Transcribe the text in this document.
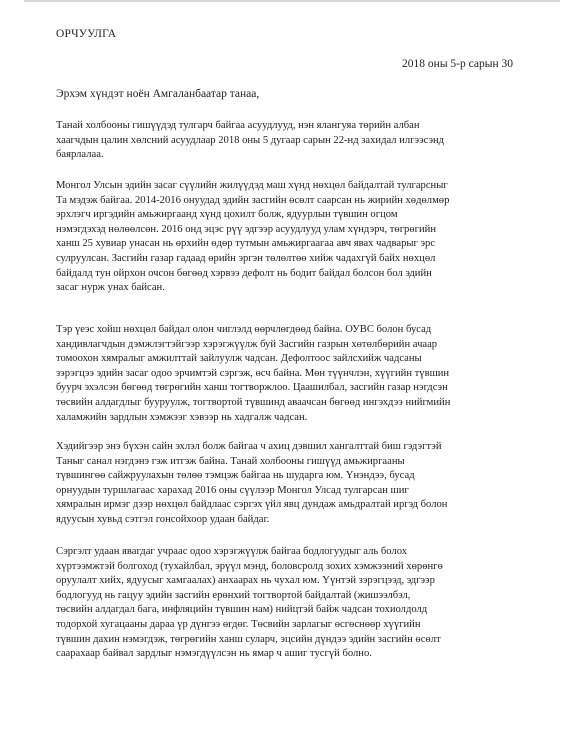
ОРЧУУЛГА
2018 оны 5-р сарын 30
Эрхэм хүндэт ноён Амгаланбаатар танаа,
Танай холбооны гишүүдэд тулгарч байгаа асуудлууд, нэн ялангуяа төрийн албан
хаагчдын цалин хөлсний асуудлаар 2018 оны 5 дугаар сарын 22-нд захидал илгээсэнд
баярлалаа.
Монгол Улсын эдийн засаг сүүлийн жилүүдэд маш хүнд нөхцөл байдалтай тулгарсныг
Та мэдэж байгаа. 2014-2016 онуудад эдийн засгийн өсөлт саарсан нь жирийн хөдөлмөр
эрхлэгч иргэдийн амьжиргаанд хүнд цохилт болж, ядуурлын түвшин огцом
нэмэгдэхэд нөлөөлсөн. 2016 онд эцэс рүү эдгээр асуудлууд улам хүндэрч, төгрөгийн
ханш 25 хувиар унасан нь өрхийн өдөр тутмын амьжиргаагаа авч явах чадварыг эрс
сулруулсан. Засгийн газар гадаад өрийн эргэн төлөлтөө хийж чадахгүй байх нөхцөл
байдалд тун ойрхон очсон бөгөөд хэрвээ дефолт нь бодит байдал болсон бол эдийн
засаг нурж унах байсан.
Тэр үеэс хойш нөхцөл байдал олон чиглэлд өөрчлөгдөөд байна. ОУВС болон бусад
хандивлагчдын дэмжлэгтэйгээр хэрэгжүүлж буй Засгийн газрын хөтөлбөрийн ачаар
томоохон хямралыг амжилттай зайлуулж чадсан. Дефолтоос зайлсхийж чадсаны
зэрэгцээ эдийн засаг одоо эрчимтэй сэргэж, өсч байна. Мөн түүнчлэн, хүүгийн түвшин
буурч эхэлсэн бөгөөд төгрөгийн ханш тогтворжлоо. Цаашилбал, засгийн газар нэгдсэн
төсвийн алдагдлыг бууруулж, тогтвортой түвшинд аваачсан бөгөөд ингэхдээ нийгмийн
халамжийн зардлын хэмжээг хэвээр нь хадгалж чадсан.
Хэдийгээр энэ бүхэн сайн эхлэл болж байгаа ч ахиц дэвшил хангалттай биш гэдэгтэй
Таныг санал нэгдэнэ гэж итгэж байна. Танай холбооны гишүүд амьжиргааны
түвшингөө сайжруулахын төлөө тэмцэж байгаа нь шударга юм. Үнэндээ, бусад
орнуудын туршлагаас харахад 2016 оны сүүлээр Монгол Улсад тулгарсан шиг
хямралын ирмэг дээр нөхцөл байдлаас сэргэх үйл явц дундаж амьдралтай иргэд болон
ядуусын хувьд сэтгэл гонсойхоор удаан байдаг.
Сэргэлт удаан явагдаг учраас одоо хэрэгжүүлж байгаа бодлогуудыг аль болох
хүртээмжтэй болгоход (тухайлбал, эрүүл мэнд, боловсролд зохих хэмжээний хөрөнгө
оруулалт хийх, ядуусыг хамгаалах) анхаарах нь чухал юм. Үүнтэй зэрэгцээд, эдгээр
бодлогууд нь гацуу эдийн засгийн ерөнхий тогтвортой байдалтай (жишээлбэл,
төсвийн алдагдал бага, инфляцийн түвшин нам) нийцтэй байж чадсан тохиолдолд
тодорхой хугацааны дараа үр дүнгээ өгдөг. Төсвийн зарлагыг өсгөснөөр хүүгийн
түвшин дахин нэмэгдэж, төгрөгийн ханш суларч, эцсийн дүндээ эдийн засгийн өсөлт
саарахаар байвал зардлыг нэмэгдүүлсэн нь ямар ч ашиг тусгүй болно.
